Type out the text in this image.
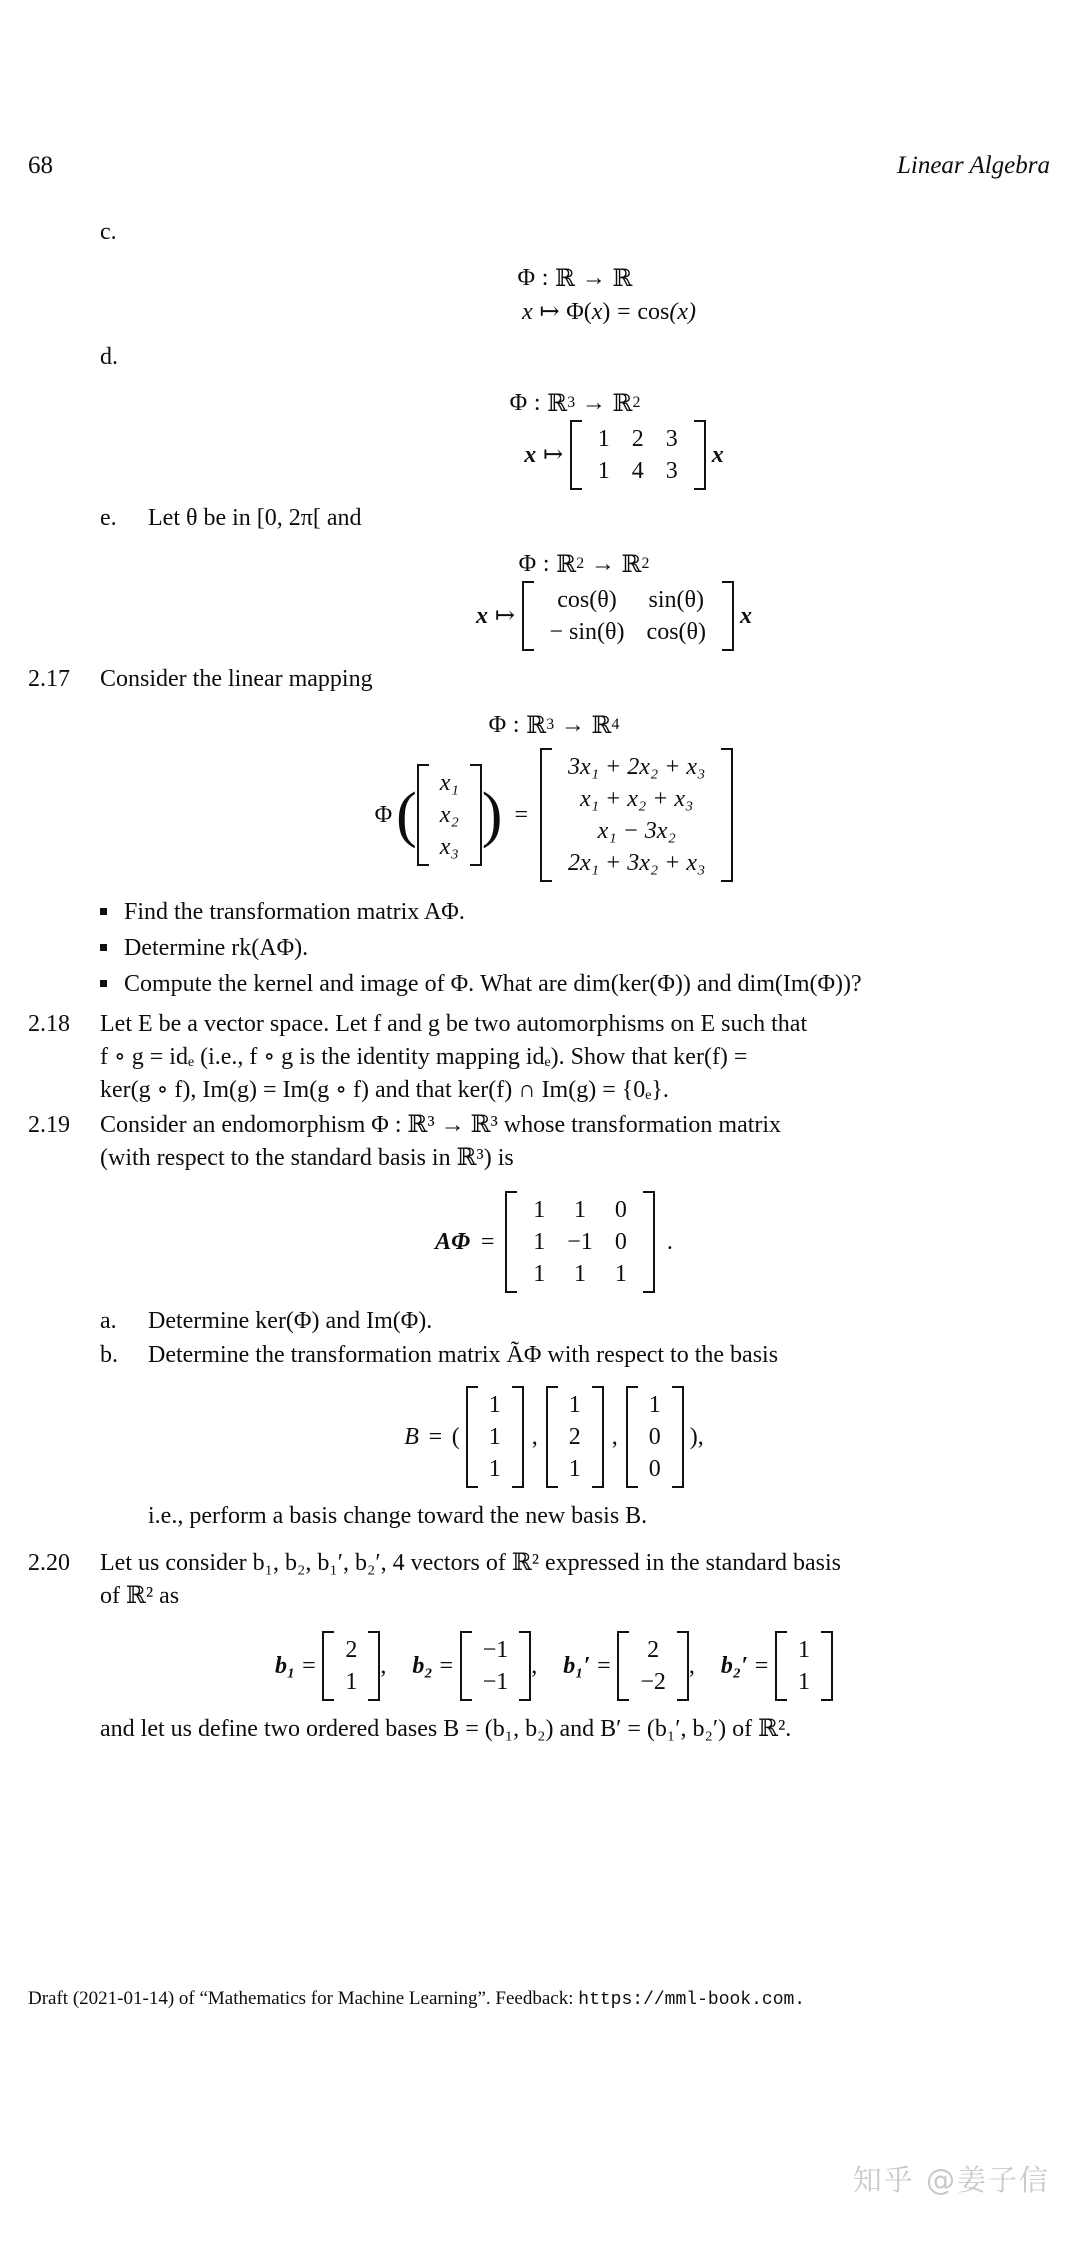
68	Linear Algebra
c.
Φ : ℝ → ℝ
x ↦ Φ ( x ) = cos (x)
d.
Φ : ℝ 3 → ℝ 2
x ↦
1 2 3
1 4 3
x
e.	Let θ be in [0, 2π[ and
Φ : ℝ 2 → ℝ 2
x ↦
cos(θ)	sin(θ)
− sin(θ) cos(θ)
x
2.17	Consider the linear mapping
Φ : ℝ 3 → ℝ 4
Φ ( x₁
x₂
x₃ ) =
3x₁ + 2x₂ + x₃
x₁ + x₂ + x₃
x₁ − 3x₂
2x₁ + 3x₂ + x₃
Find the transformation matrix AΦ.
Determine rk(AΦ).
Compute the kernel and image of Φ. What are dim(ker(Φ)) and dim(Im(Φ))?
2.18	Let E be a vector space. Let f and g be two automorphisms on E such that
f ∘ g = idₑ (i.e., f ∘ g is the identity mapping idₑ). Show that ker(f) =
ker(g ∘ f), Im(g) = Im(g ∘ f) and that ker(f) ∩ Im(g) = {0ₑ}.
2.19	Consider an endomorphism Φ : ℝ³ → ℝ³ whose transformation matrix
(with respect to the standard basis in ℝ³) is
AΦ =
1	1	0
1 −1 0
1	1	1
.
a.	Determine ker(Φ) and Im(Φ).
b.	Determine the transformation matrix ÃΦ with respect to the basis
B = (
1
1
1
,
1
2
1
,
1
0
0
) ,
i.e., perform a basis change toward the new basis B.
2.20	Let us consider b₁, b₂, b₁′, b₂′, 4 vectors of ℝ² expressed in the standard basis
of ℝ² as
b₁ =
2
1
, b₂ =
−1
−1
, b₁′ =
2
−2
, b₂′ =
1
1
and let us define two ordered bases B = (b₁, b₂) and B′ = (b₁′, b₂′) of ℝ².
Draft (2021-01-14) of “Mathematics for Machine Learning”. Feedback: https://mml-book.com.
知乎 @姜子信
